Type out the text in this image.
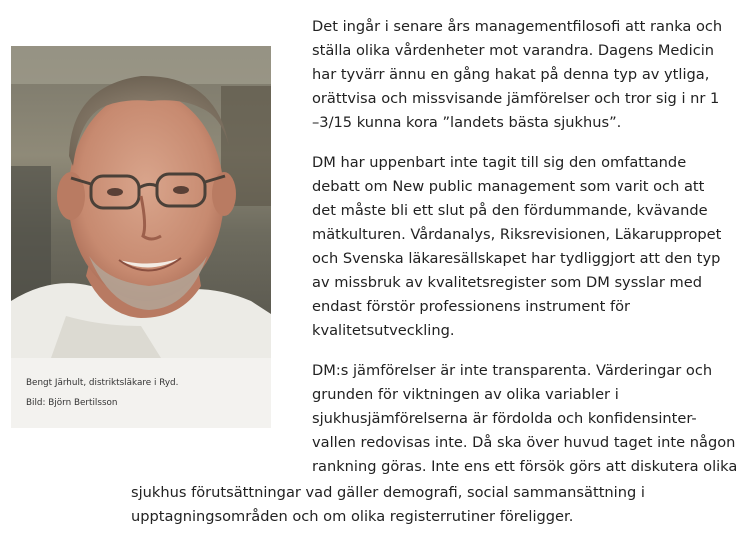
Bengt Järhult, distriktsläkare i Ryd.
Bild: Björn Bertilsson
Det ingår i senare års managementfilosofi att ranka och
ställa olika vårdenheter mot varandra. Dagens Medicin
har tyvärr ännu en gång hakat på denna typ av ytliga,
orättvisa och missvisande jämförelser och tror sig i nr 1
–3/15 kunna kora ”landets bästa sjukhus”.
DM har uppenbart inte tagit till sig den omfattande
debatt om New public management som varit och att
det måste bli ett slut på den fördummande, kvävande
mätkulturen. Vårdanalys, Riksrevisionen, Läkaruppropet
och Svenska läkaresällskapet har tydliggjort att den typ
av missbruk av kvalitetsregister som DM sysslar med
endast förstör professionens instrument för
kvalitetsutveckling.
DM:s jämförelser är inte transparenta. Värderingar och
grunden för viktningen av olika variabler i
sjukhusjämförelserna är fördolda och konfidensinter-
vallen redovisas inte. Då ska över huvud taget inte någon
rankning göras. Inte ens ett försök görs att diskutera olika
sjukhus förutsättningar vad gäller demografi, social sammansättning i
upptagningsområden och om olika registerrutiner föreligger.
